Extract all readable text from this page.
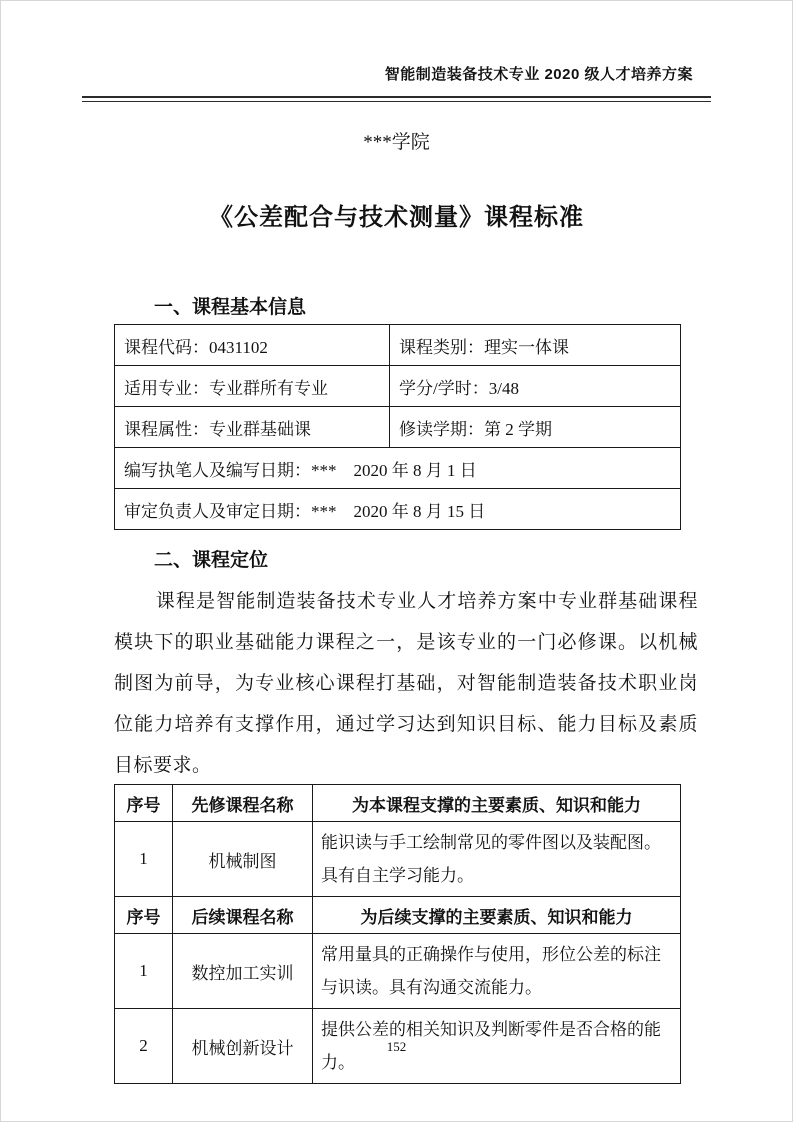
智能制造装备技术专业 2020 级人才培养方案
***学院
《公差配合与技术测量》课程标准
一、课程基本信息
课程代码：0431102	课程类别：理实一体课
适用专业：专业群所有专业	学分/学时：3/48
课程属性：专业群基础课	修读学期：第 2 学期
编写执笔人及编写日期：***　2020 年 8 月 1 日	
审定负责人及审定日期：***　2020 年 8 月 15 日	
二、课程定位

课程是智能制造装备技术专业人才培养方案中专业群基础课程模块下的职业基础能力课程之一，是该专业的一门必修课。以机械制图为前导，为专业核心课程打基础，对智能制造装备技术职业岗位能力培养有支撑作用，通过学习达到知识目标、能力目标及素质目标要求。

序号	先修课程名称	为本课程支撑的主要素质、知识和能力
1	机械制图	能识读与手工绘制常见的零件图以及装配图。具有自主学习能力。
序号	后续课程名称	为后续支撑的主要素质、知识和能力
1	数控加工实训	常用量具的正确操作与使用，形位公差的标注与识读。具有沟通交流能力。
2	机械创新设计	提供公差的相关知识及判断零件是否合格的能力。
152
